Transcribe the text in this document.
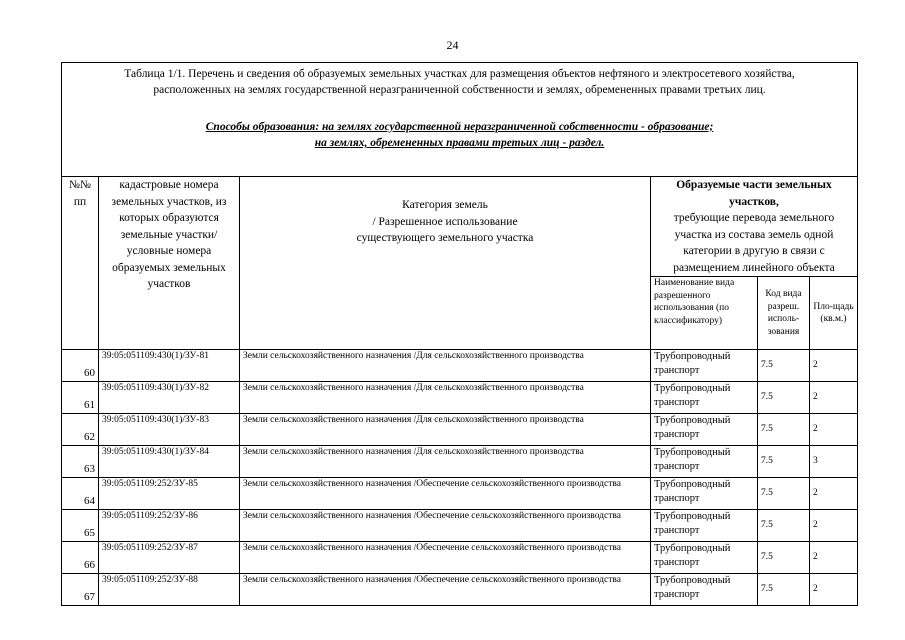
24
Таблица 1/1. Перечень и сведения об образуемых земельных участках для размещения объектов нефтяного и электросетевого хозяйства,
расположенных на землях государственной неразграниченной собственности и землях, обремененных правами третьих лиц.
Способы образования: на землях государственной неразграниченной собственности - образование;
на землях, обремененных правами третьих лиц - раздел.					

№№ пп	кадастровые номера земельных участков, из которых образуются земельные участки/ условные номера образуемых земельных участков	Категория земель
/ Разрешенное использование
существующего земельного участка	Образуемые части земельных участков,
требующие перевода земельного участка из состава земель одной категории в другую в связи с размещением линейного объекта		

			Наименование вида разрешенного использования (по классификатору)	Код вида разреш. исполь-зования	Пло-щадь (кв.м.)
60	39:05:051109:430(1)/ЗУ-81	Земли сельскохозяйственного назначения /Для сельскохозяйственного производства	Трубопроводный транспорт	7.5	2
61	39:05:051109:430(1)/ЗУ-82	Земли сельскохозяйственного назначения /Для сельскохозяйственного производства	Трубопроводный транспорт	7.5	2
62	39:05:051109:430(1)/ЗУ-83	Земли сельскохозяйственного назначения /Для сельскохозяйственного производства	Трубопроводный транспорт	7.5	2
63	39:05:051109:430(1)/ЗУ-84	Земли сельскохозяйственного назначения /Для сельскохозяйственного производства	Трубопроводный транспорт	7.5	3
64	39:05:051109:252/ЗУ-85	Земли сельскохозяйственного назначения /Обеспечение сельскохозяйственного производства	Трубопроводный транспорт	7.5	2
65	39:05:051109:252/ЗУ-86	Земли сельскохозяйственного назначения /Обеспечение сельскохозяйственного производства	Трубопроводный транспорт	7.5	2
66	39:05:051109:252/ЗУ-87	Земли сельскохозяйственного назначения /Обеспечение сельскохозяйственного производства	Трубопроводный транспорт	7.5	2
67	39:05:051109:252/ЗУ-88	Земли сельскохозяйственного назначения /Обеспечение сельскохозяйственного производства	Трубопроводный транспорт	7.5	2
